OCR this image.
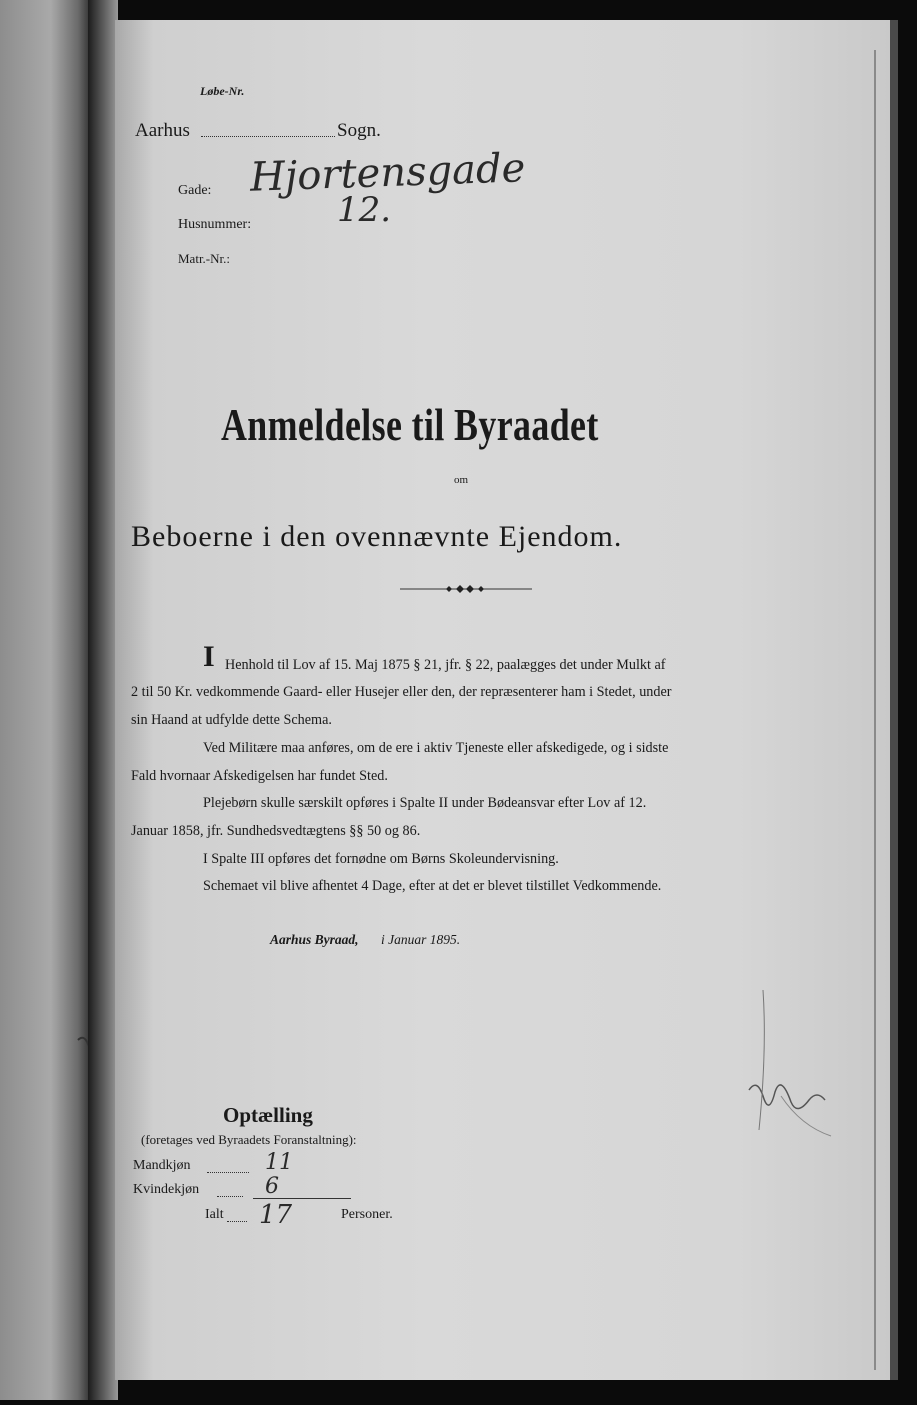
Løbe-Nr.
Aarhus	Sogn.
Gade: Hjortensgade
Husnummer:	12.
Matr.-Nr.:
Anmeldelse til Byraadet
om
Beboerne i den ovennævnte Ejendom.
I Henhold til Lov af 15. Maj 1875 § 21, jfr. § 22, paalægges det under Mulkt af
2 til 50 Kr. vedkommende Gaard- eller Husejer eller den, der repræsenterer ham i Stedet, under
sin Haand at udfylde dette Schema.
Ved Militære maa anføres, om de ere i aktiv Tjeneste eller afskedigede, og i sidste
Fald hvornaar Afskedigelsen har fundet Sted.
Plejebørn skulle særskilt opføres i Spalte II under Bødeansvar efter Lov af 12.
Januar 1858, jfr. Sundhedsvedtægtens §§ 50 og 86.
I Spalte III opføres det fornødne om Børns Skoleundervisning.
Schemaet vil blive afhentet 4 Dage, efter at det er blevet tilstillet Vedkommende.
Aarhus Byraad, i Januar 1895.
Optælling
(foretages ved Byraadets Foranstaltning):
Mandkjøn	11
Kvindekjøn	6
Ialt 17	Personer.
